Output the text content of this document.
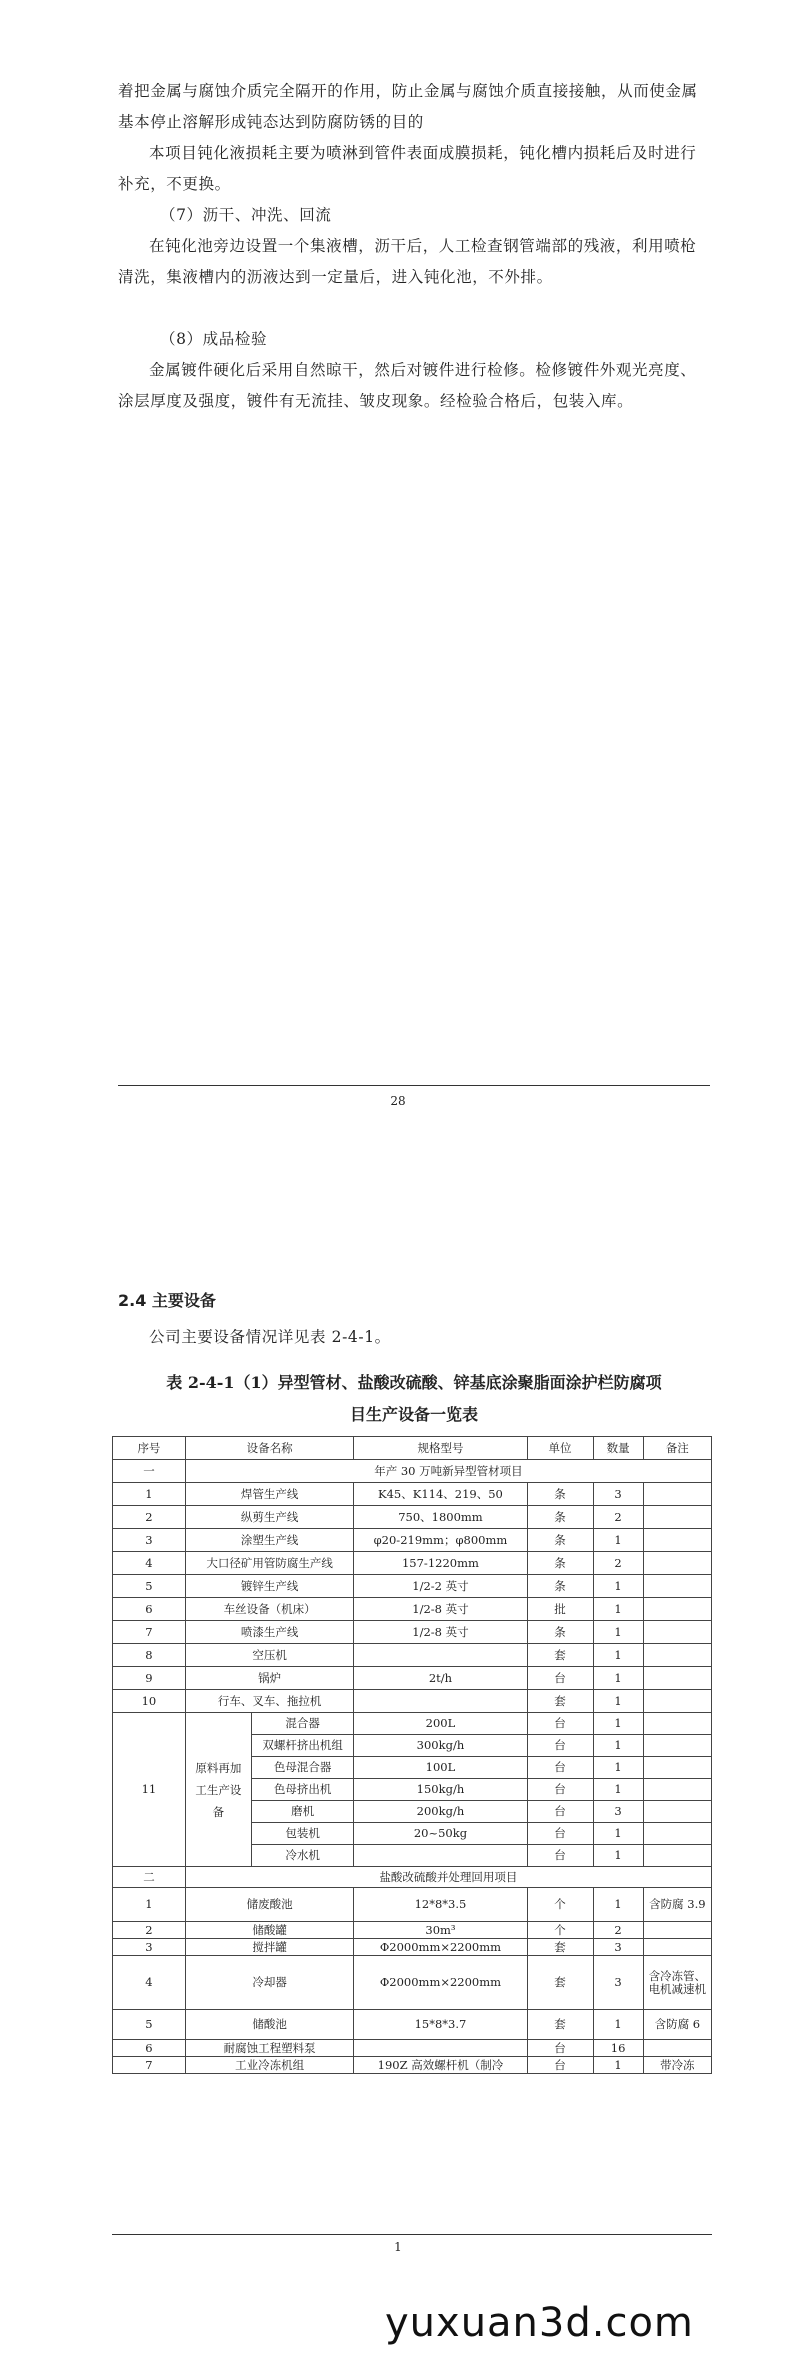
着把金属与腐蚀介质完全隔开的作用，防止金属与腐蚀介质直接接触，从而使金属基本停止溶解形成钝态达到防腐防锈的目的

本项目钝化液损耗主要为喷淋到管件表面成膜损耗，钝化槽内损耗后及时进行补充，不更换。

（7）沥干、冲洗、回流

在钝化池旁边设置一个集液槽，沥干后，人工检查钢管端部的残液，利用喷枪清洗，集液槽内的沥液达到一定量后，进入钝化池，不外排。

（8）成品检验

金属镀件硬化后采用自然晾干，然后对镀件进行检修。检修镀件外观光亮度、涂层厚度及强度，镀件有无流挂、皱皮现象。经检验合格后，包装入库。

28
2.4 主要设备

公司主要设备情况详见表 2-4-1。

表 2-4-1（1）异型管材、盐酸改硫酸、锌基底涂聚脂面涂护栏防腐项
目生产设备一览表
序号	设备名称		规格型号	单位	数量	备注
一	年产 30 万吨新异型管材项目					
1	焊管生产线		K45、K114、219、50	条	3	
2	纵剪生产线		750、1800mm	条	2	
3	涂塑生产线		φ20-219mm；φ800mm	条	1	
4	大口径矿用管防腐生产线		157-1220mm	条	2	
5	镀锌生产线		1/2-2 英寸	条	1	
6	车丝设备（机床）		1/2-8 英寸	批	1	
7	喷漆生产线		1/2-8 英寸	条	1	
8	空压机			套	1	
9	锅炉		2t/h	台	1	
10	行车、叉车、拖拉机			套	1	
11	原料再加工生产设备	混合器	200L	台	1	
		双螺杆挤出机组	300kg/h	台	1	
		色母混合器	100L	台	1	
		色母挤出机	150kg/h	台	1	
		磨机	200kg/h	台	3	
		包装机	20~50kg	台	1	
		冷水机		台	1	
二	盐酸改硫酸并处理回用项目					
1	储废酸池		12*8*3.5	个	1	含防腐 3.9
2	储酸罐		30m³	个	2	
3	搅拌罐		Φ2000mm×2200mm	套	3	
4	冷却器		Φ2000mm×2200mm	套	3	含冷冻管、电机减速机
5	储酸池		15*8*3.7	套	1	含防腐 6
6	耐腐蚀工程塑料泵			台	16	
7	工业冷冻机组		190Z 高效螺杆机（制冷	台	1	带冷冻
1
yuxuan3d.com
